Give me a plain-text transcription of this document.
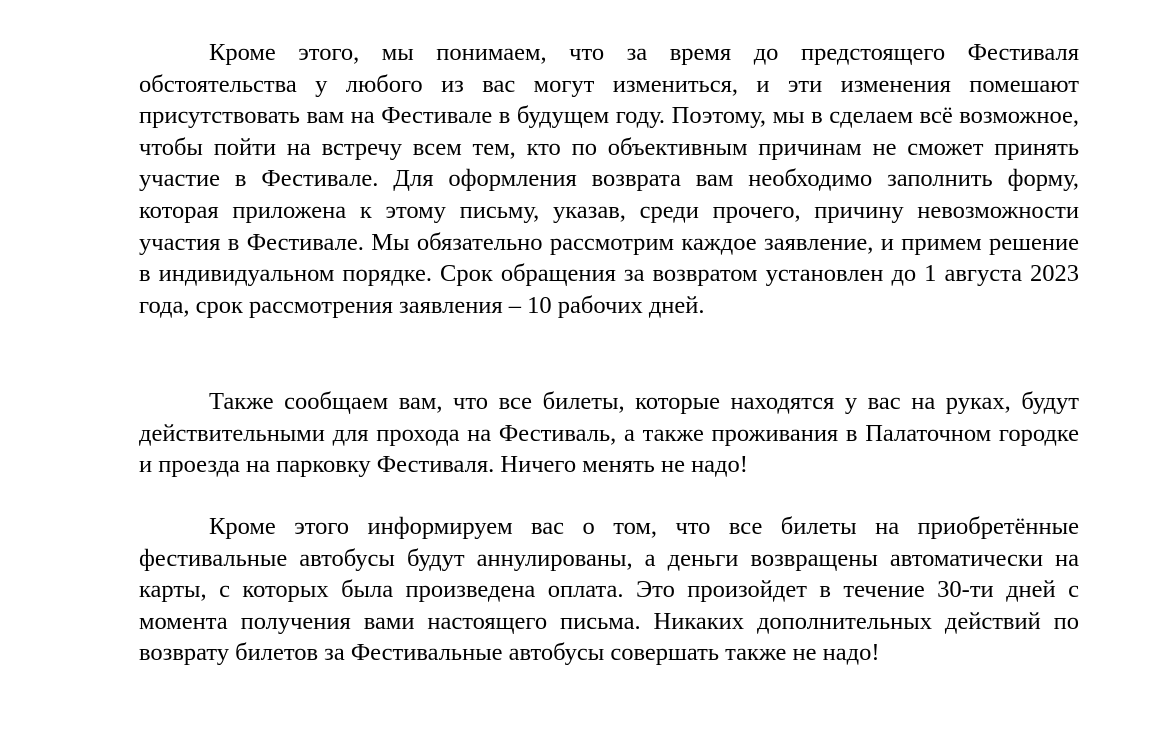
Кроме этого, мы понимаем, что за время до предстоящего Фестиваля обстоятельства у любого из вас могут измениться, и эти изменения помешают присутствовать вам на Фестивале в будущем году. Поэтому, мы в сделаем всё возможное, чтобы пойти на встречу всем тем, кто по объективным причинам не сможет принять участие в Фестивале. Для оформления возврата вам необходимо заполнить форму, которая приложена к этому письму, указав, среди прочего, причину невозможности участия в Фестивале. Мы обязательно рассмотрим каждое заявление, и примем решение в индивидуальном порядке. Срок обращения за возвратом установлен до 1 августа 2023 года, срок рассмотрения заявления – 10 рабочих дней.

Также сообщаем вам, что все билеты, которые находятся у вас на руках, будут действительными для прохода на Фестиваль, а также проживания в Палаточном городке и проезда на парковку Фестиваля. Ничего менять не надо!

Кроме этого информируем вас о том, что все билеты на приобретённые фестивальные автобусы будут аннулированы, а деньги возвращены автоматически на карты, с которых была произведена оплата. Это произойдет в течение 30-ти дней с момента получения вами настоящего письма. Никаких дополнительных действий по возврату билетов за Фестивальные автобусы совершать также не надо!
